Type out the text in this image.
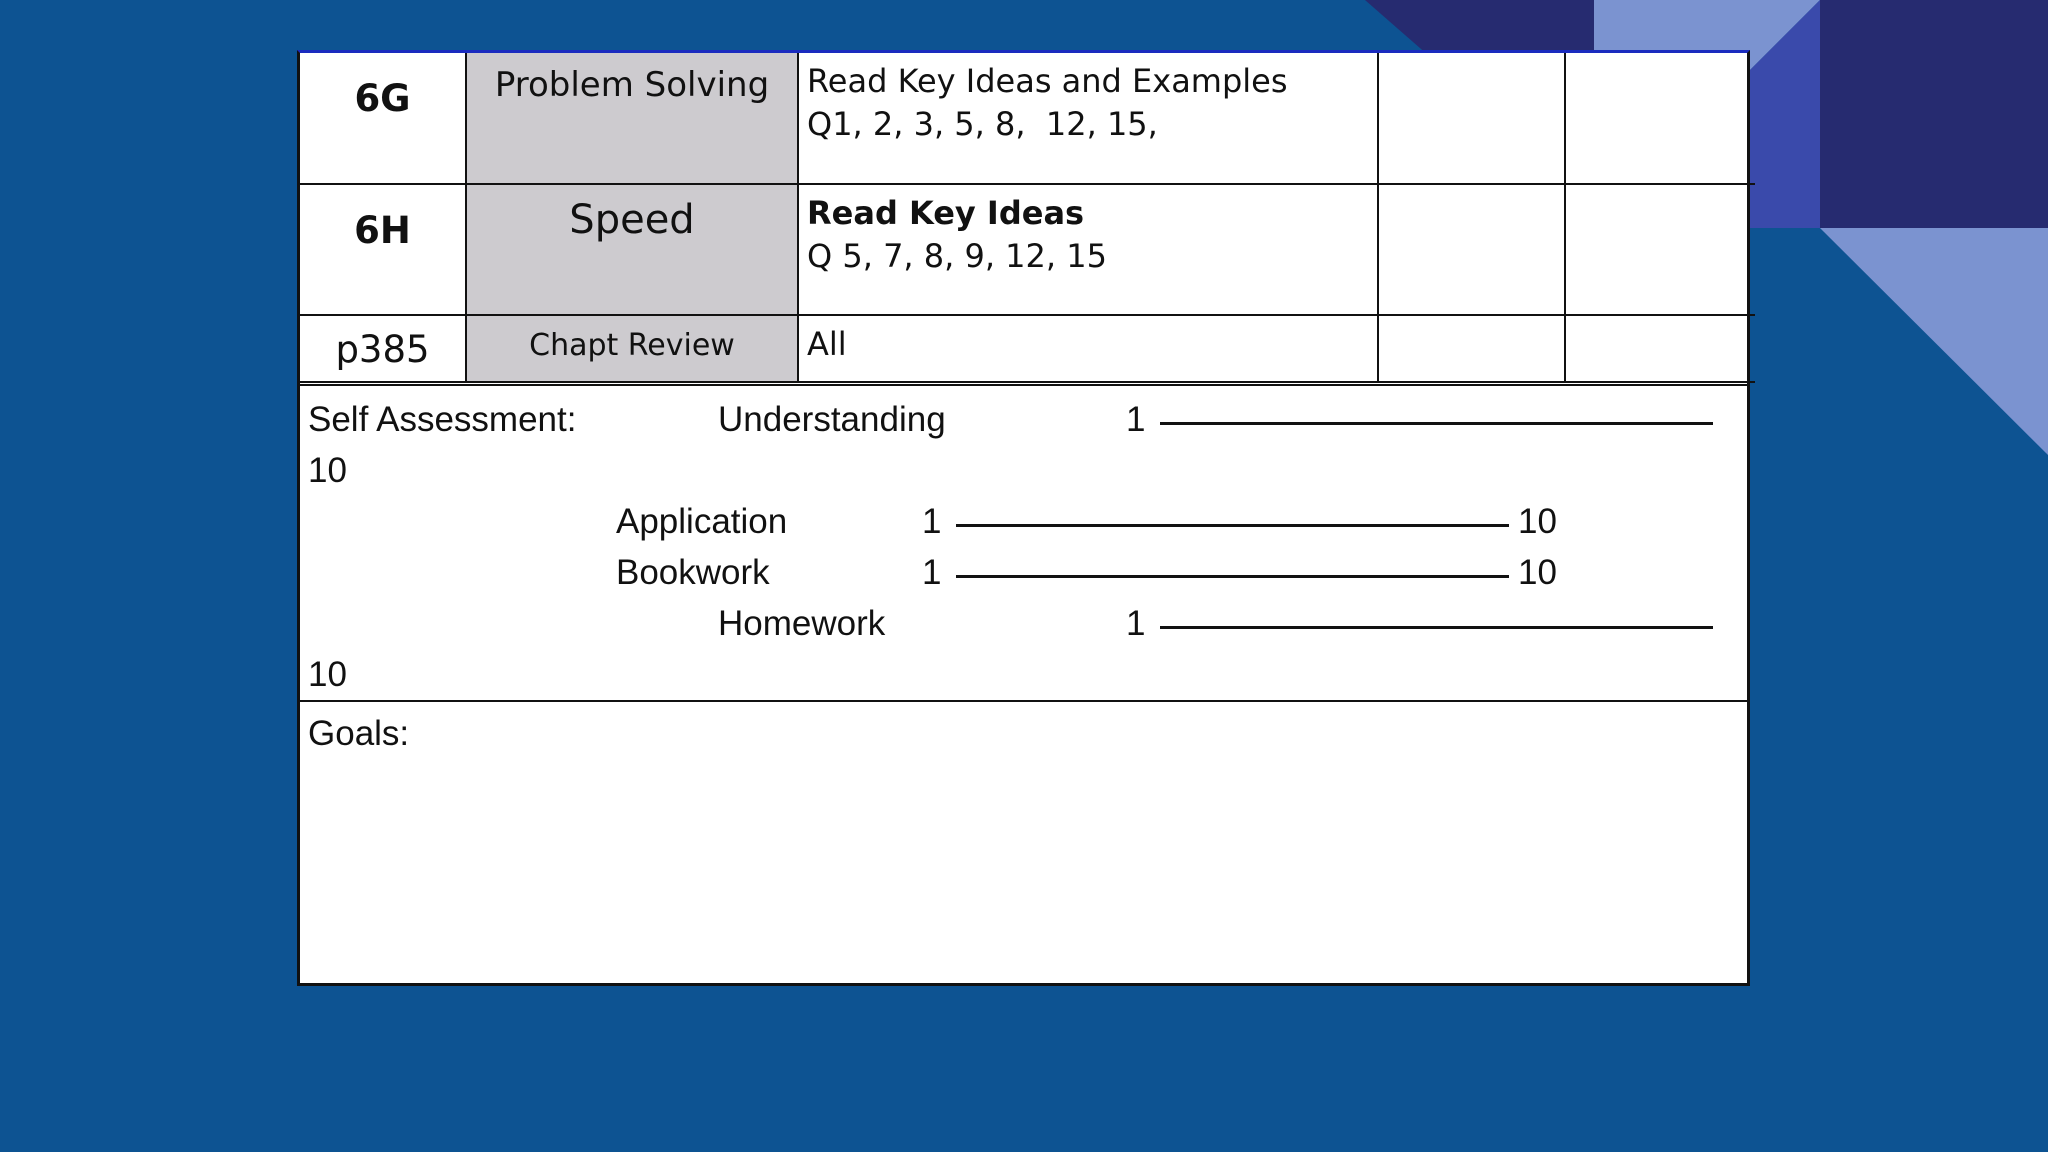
6G	Problem Solving	Read Key Ideas and Examples
Q1, 2, 3, 5, 8,  12, 15,		

6H	Speed	Read Key Ideas
Q 5, 7, 8, 9, 12, 15		

p385	Chapt Review	All		

Self Assessment:	Understanding	1
10
Application	1	10
Bookwork	1	10
Homework	1
10
Goals:
